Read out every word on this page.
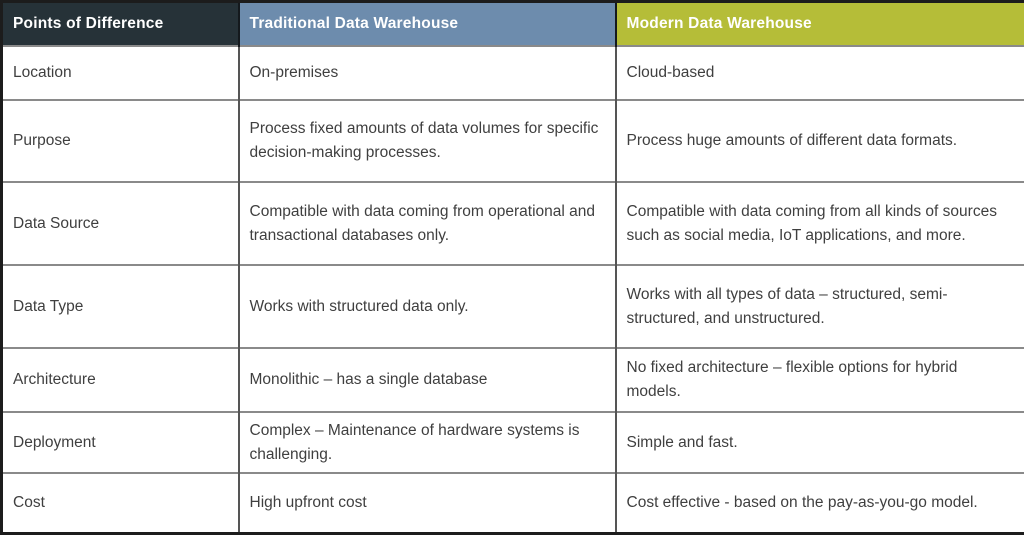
Points of Difference	Traditional Data Warehouse	Modern Data Warehouse
Location	On-premises	Cloud-based
Purpose	Process fixed amounts of data volumes for specific decision-making processes.	Process huge amounts of different data formats.
Data Source	Compatible with data coming from operational and transactional databases only.	Compatible with data coming from all kinds of sources such as social media, IoT applications, and more.
Data Type	Works with structured data only.	Works with all types of data – structured, semi-structured, and unstructured.
Architecture	Monolithic – has a single database	No fixed architecture – flexible options for hybrid models.
Deployment	Complex – Maintenance of hardware systems is challenging.	Simple and fast.
Cost	High upfront cost	Cost effective - based on the pay-as-you-go model.
